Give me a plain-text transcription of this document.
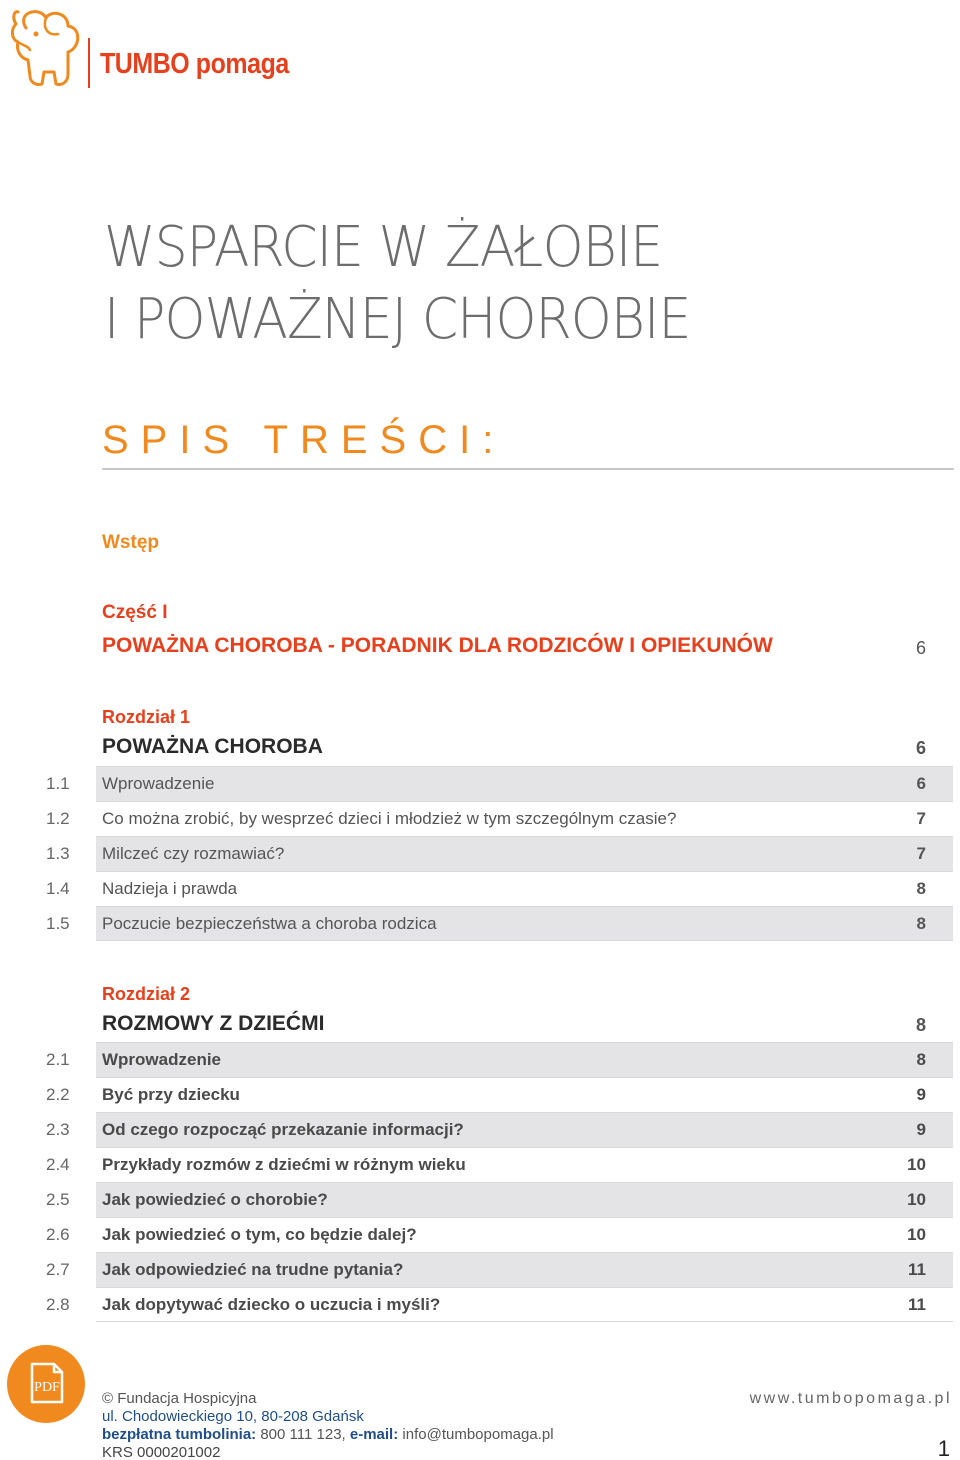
TUMBO pomaga
WSPARCIE W ŻAŁOBIE
I POWAŻNEJ CHOROBIE
SPIS TREŚCI:
Wstęp
Część I
POWAŻNA CHOROBA - PORADNIK DLA RODZICÓW I OPIEKUNÓW	6
Rozdział 1
POWAŻNA CHOROBA	6
1.1 Wprowadzenie	6
1.2 Co można zrobić, by wesprzeć dzieci i młodzież w tym szczególnym czasie?	7
1.3 Milczeć czy rozmawiać?	7
1.4 Nadzieja i prawda	8
1.5 Poczucie bezpieczeństwa a choroba rodzica	8
Rozdział 2
ROZMOWY Z DZIEĆMI	8
2.1 Wprowadzenie	8
2.2 Być przy dziecku	9
2.3 Od czego rozpocząć przekazanie informacji?	9
2.4 Przykłady rozmów z dziećmi w różnym wieku	10
2.5 Jak powiedzieć o chorobie?	10
2.6 Jak powiedzieć o tym, co będzie dalej?	10
2.7 Jak odpowiedzieć na trudne pytania?	11
2.8 Jak dopytywać dziecko o uczucia i myśli?	11
PDF
© Fundacja Hospicyjna
ul. Chodowieckiego 10, 80-208 Gdańsk
bezpłatna tumbolinia: 800 111 123, e-mail: info@tumbopomaga.pl
KRS 0000201002
www.tumbopomaga.pl
1
